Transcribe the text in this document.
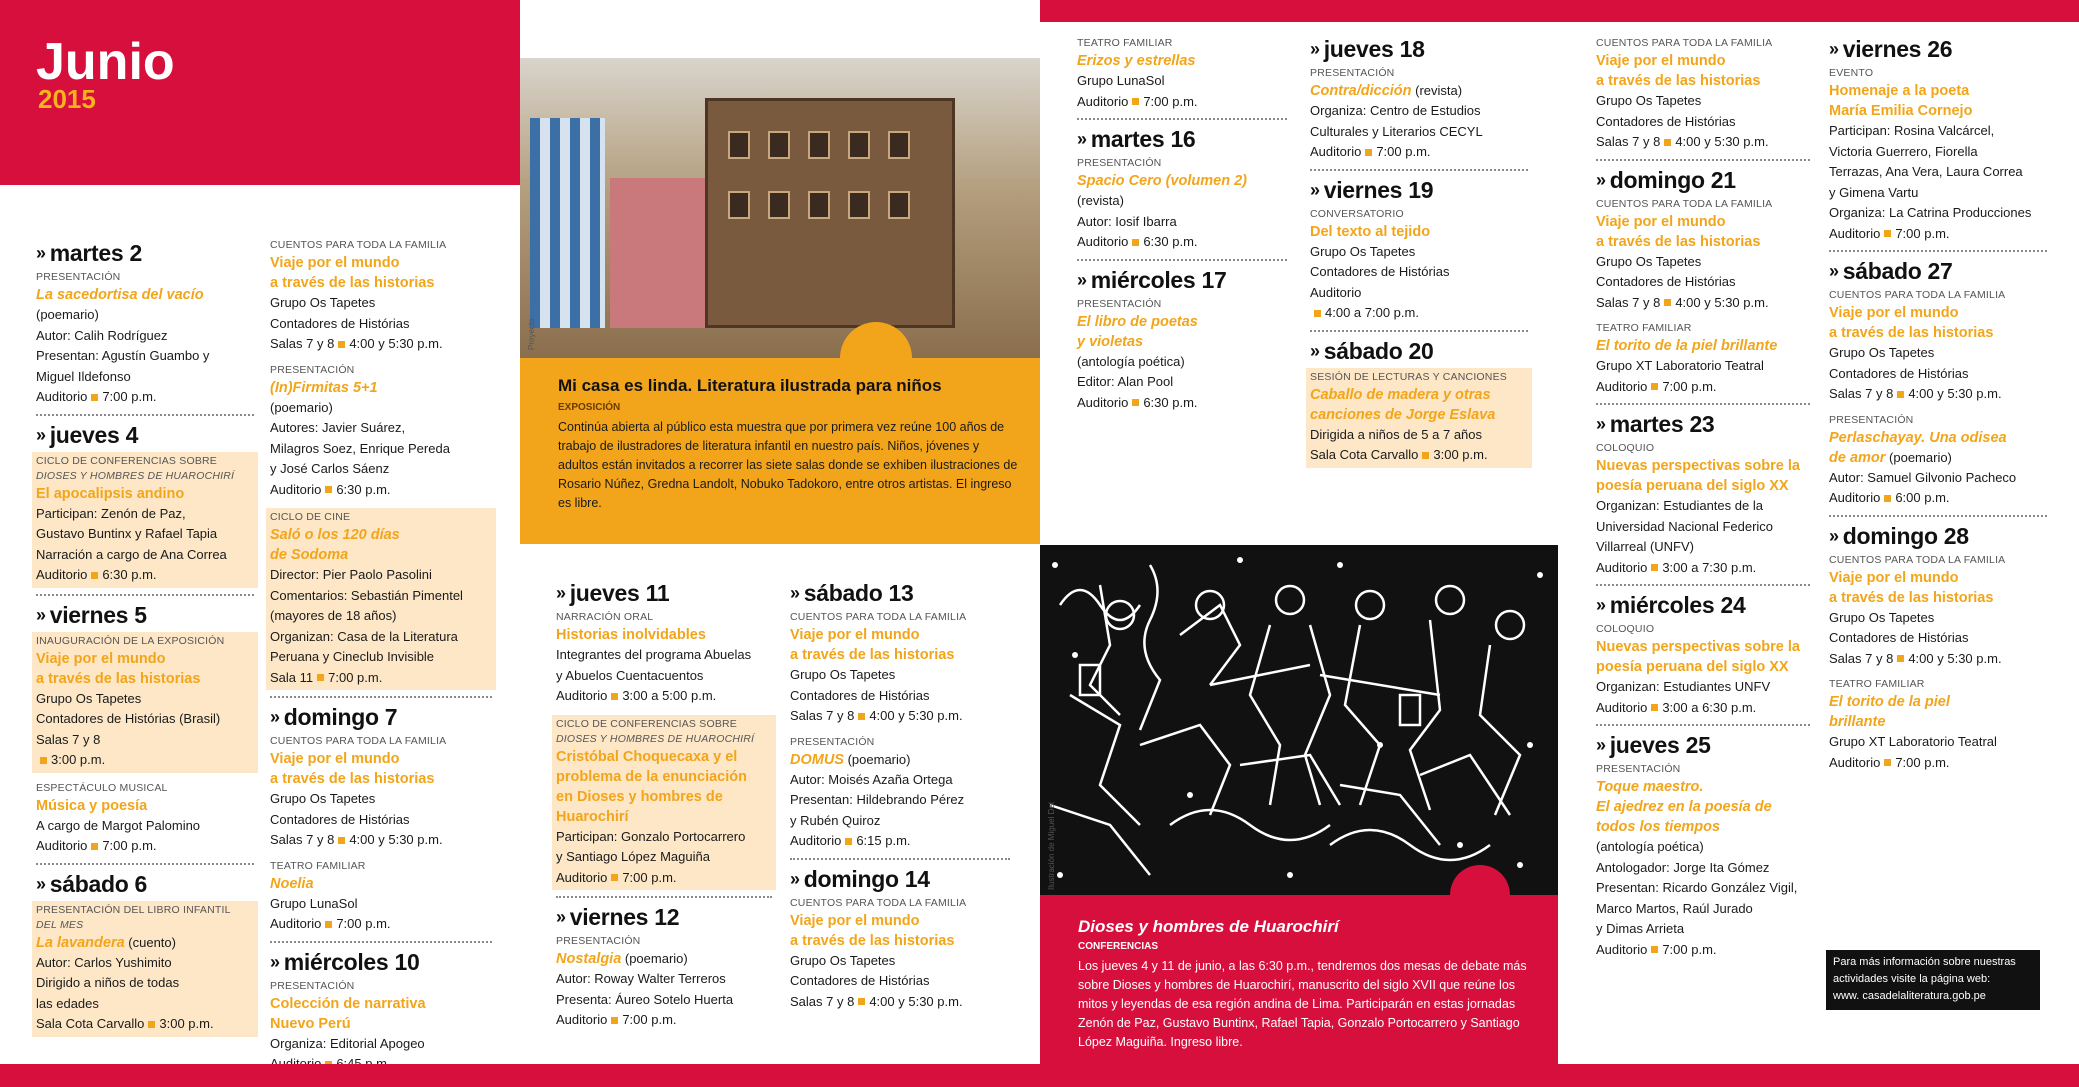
Junio
2015
» martes 2
PRESENTACIÓN
La sacedortisa del vacío

(poemario)

Autor: Calih Rodríguez

Presentan: Agustín Guambo y

Miguel Ildefonso

Auditorio 7:00 p.m.

» jueves 4
CICLO DE CONFERENCIAS SOBRE
DIOSES Y HOMBRES DE HUAROCHIRÍ
El apocalipsis andino

Participan: Zenón de Paz,

Gustavo Buntinx y Rafael Tapia

Narración a cargo de Ana Correa

Auditorio 6:30 p.m.

» viernes 5
INAUGURACIÓN DE LA EXPOSICIÓN
Viaje por el mundo
a través de las historias

Grupo Os Tapetes

Contadores de Histórias (Brasil)

Salas 7 y 8

3:00 p.m.

ESPECTÁCULO MUSICAL
Música y poesía

A cargo de Margot Palomino

Auditorio 7:00 p.m.

» sábado 6
PRESENTACIÓN DEL LIBRO INFANTIL
DEL MES
La lavandera (cuento)

Autor: Carlos Yushimito

Dirigido a niños de todas

las edades

Sala Cota Carvallo 3:00 p.m.

CUENTOS PARA TODA LA FAMILIA
Viaje por el mundo
a través de las historias

Grupo Os Tapetes

Contadores de Histórias

Salas 7 y 8 4:00 y 5:30 p.m.

PRESENTACIÓN
(In)Firmitas 5+1

(poemario)

Autores: Javier Suárez,

Milagros Soez, Enrique Pereda

y José Carlos Sáenz

Auditorio 6:30 p.m.

CICLO DE CINE
Saló o los 120 días
de Sodoma

Director: Pier Paolo Pasolini

Comentarios: Sebastián Pimentel

(mayores de 18 años)

Organizan: Casa de la Literatura

Peruana y Cineclub Invisible

Sala 11 7:00 p.m.

» domingo 7
CUENTOS PARA TODA LA FAMILIA
Viaje por el mundo
a través de las historias

Grupo Os Tapetes

Contadores de Histórias

Salas 7 y 8 4:00 y 5:30 p.m.

TEATRO FAMILIAR
Noelia

Grupo LunaSol

Auditorio 7:00 p.m.

» miércoles 10
PRESENTACIÓN
Colección de narrativa
Nuevo Perú

Organiza: Editorial Apogeo

» jueves 11
NARRACIÓN ORAL
Historias inolvidables

Integrantes del programa Abuelas

y Abuelos Cuentacuentos

Auditorio 3:00 a 5:00 p.m.

CICLO DE CONFERENCIAS SOBRE
DIOSES Y HOMBRES DE HUAROCHIRÍ
Cristóbal Choquecaxa y el
problema de la enunciación
en Dioses y hombres de
Huarochirí

Participan: Gonzalo Portocarrero

y Santiago López Maguiña

Auditorio 7:00 p.m.

» viernes 12
PRESENTACIÓN
Nostalgia (poemario)

Autor: Roway Walter Terreros

Presenta: Áureo Sotelo Huerta

Auditorio 7:00 p.m.

» sábado 13
CUENTOS PARA TODA LA FAMILIA
Viaje por el mundo
a través de las historias

Grupo Os Tapetes

Contadores de Histórias

Salas 7 y 8 4:00 y 5:30 p.m.

PRESENTACIÓN
DOMUS (poemario)

Autor: Moisés Azaña Ortega

Presentan: Hildebrando Pérez

y Rubén Quiroz

Auditorio 6:15 p.m.

» domingo 14
CUENTOS PARA TODA LA FAMILIA
Viaje por el mundo
a través de las historias

Grupo Os Tapetes

Contadores de Histórias

Salas 7 y 8 4:00 y 5:30 p.m.

TEATRO FAMILIAR
Erizos y estrellas

Grupo LunaSol

Auditorio 7:00 p.m.

» martes 16
PRESENTACIÓN
Spacio Cero (volumen 2)

(revista)

Autor: Iosif Ibarra

Auditorio 6:30 p.m.

» miércoles 17
PRESENTACIÓN
El libro de poetas
y violetas

(antología poética)

Editor: Alan Pool

Auditorio 6:30 p.m.

» jueves 18
PRESENTACIÓN
Contra/dicción (revista)

Organiza: Centro de Estudios

Culturales y Literarios CECYL

Auditorio 7:00 p.m.

» viernes 19
CONVERSATORIO
Del texto al tejido

Grupo Os Tapetes

Contadores de Histórias

Auditorio

4:00 a 7:00 p.m.

» sábado 20
SESIÓN DE LECTURAS Y CANCIONES
Caballo de madera y otras
canciones de Jorge Eslava

Dirigida a niños de 5 a 7 años

Sala Cota Carvallo 3:00 p.m.

CUENTOS PARA TODA LA FAMILIA
Viaje por el mundo
a través de las historias

Grupo Os Tapetes

Contadores de Histórias

Salas 7 y 8 4:00 y 5:30 p.m.

» domingo 21
CUENTOS PARA TODA LA FAMILIA
Viaje por el mundo
a través de las historias

Grupo Os Tapetes

Contadores de Histórias

Salas 7 y 8 4:00 y 5:30 p.m.

TEATRO FAMILIAR
El torito de la piel brillante

Grupo XT Laboratorio Teatral

Auditorio 7:00 p.m.

» martes 23
COLOQUIO
Nuevas perspectivas sobre la
poesía peruana del siglo XX

Organizan: Estudiantes de la

Universidad Nacional Federico

Villarreal (UNFV)

Auditorio 3:00 a 7:30 p.m.

» miércoles 24
COLOQUIO
Nuevas perspectivas sobre la
poesía peruana del siglo XX

Organizan: Estudiantes UNFV

Auditorio 3:00 a 6:30 p.m.

» jueves 25
PRESENTACIÓN
Toque maestro.
El ajedrez en la poesía de
todos los tiempos

(antología poética)

Antologador: Jorge Ita Gómez

Presentan: Ricardo González Vigil,

Marco Martos, Raúl Jurado

y Dimas Arrieta

Auditorio 7:00 p.m.

» viernes 26
EVENTO
Homenaje a la poeta
María Emilia Cornejo

Participan: Rosina Valcárcel,

Victoria Guerrero, Fiorella

Terrazas, Ana Vera, Laura Correa

y Gimena Vartu

Organiza: La Catrina Producciones

Auditorio 7:00 p.m.

» sábado 27
CUENTOS PARA TODA LA FAMILIA
Viaje por el mundo
a través de las historias

Grupo Os Tapetes

Contadores de Histórias

Salas 7 y 8 4:00 y 5:30 p.m.

PRESENTACIÓN
Perlaschayay. Una odisea
de amor (poemario)

Autor: Samuel Gilvonio Pacheco

Auditorio 6:00 p.m.

» domingo 28
CUENTOS PARA TODA LA FAMILIA
Viaje por el mundo
a través de las historias

Grupo Os Tapetes

Contadores de Histórias

Salas 7 y 8 4:00 y 5:30 p.m.

TEATRO FAMILIAR
El torito de la piel
brillante

Grupo XT Laboratorio Teatral

Auditorio 7:00 p.m.

Proyecto
Mi casa es linda. Literatura ilustrada para niños
EXPOSICIÓN
Continúa abierta al público esta muestra que por primera vez reúne 100 años de trabajo de ilustradores de literatura infantil en nuestro país. Niños, jóvenes y adultos están invitados a recorrer las siete salas donde se exhiben ilustraciones de Rosario Núñez, Gredna Landolt, Nobuko Tadokoro, entre otros artistas. El ingreso es libre.
Ilustración de Miguel Det
Dioses y hombres de Huarochirí
CONFERENCIAS
Los jueves 4 y 11 de junio, a las 6:30 p.m., tendremos dos mesas de debate más sobre Dioses y hombres de Huarochirí, manuscrito del siglo XVII que reúne los mitos y leyendas de esa región andina de Lima. Participarán en estas jornadas Zenón de Paz, Gustavo Buntinx, Rafael Tapia, Gonzalo Portocarrero y Santiago López Maguiña. Ingreso libre.
Para más información sobre nuestras actividades visite la página web:
www. casadelaliteratura.gob.pe
